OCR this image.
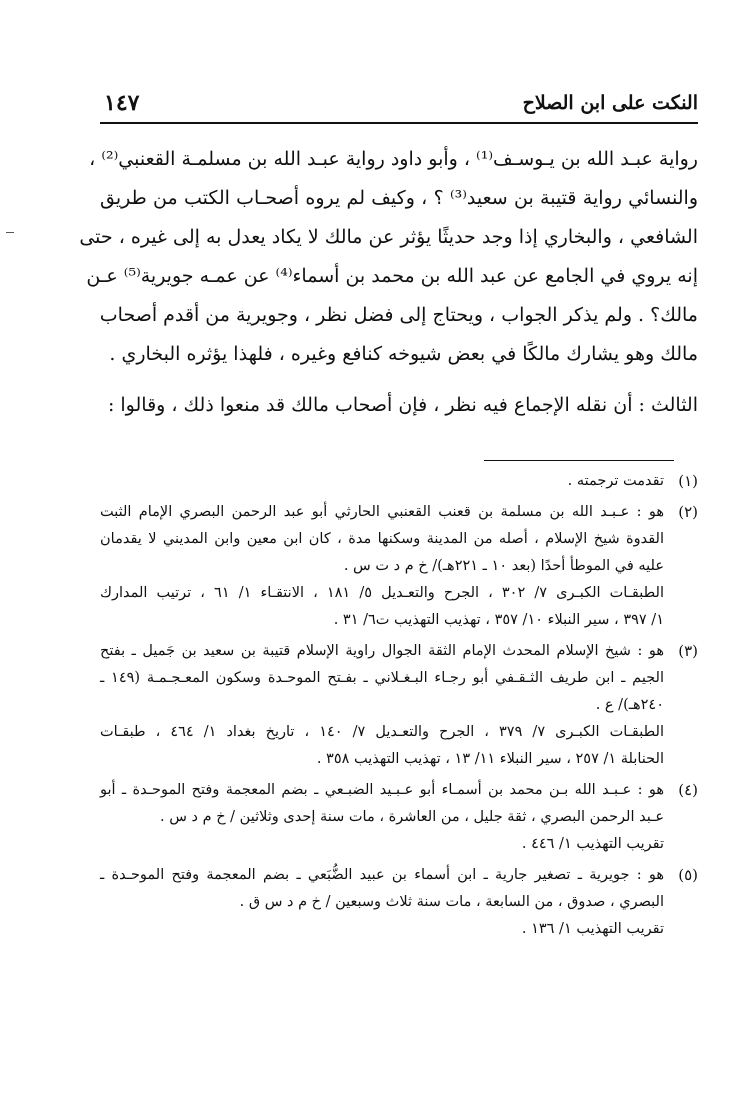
النكت على ابن الصلاح
١٤٧
رواية عبـد الله بن يـوسـف⁽¹⁾ ، وأبو داود رواية عبـد الله بن مسلمـة القعنبي⁽²⁾ ،
والنسائي رواية قتيبة بن سعيد⁽³⁾ ؟ ، وكيف لم يروه أصحـاب الكتب من طريق
الشافعي ، والبخاري إذا وجد حديثًا يؤثر عن مالك لا يكاد يعدل به إلى غيره ، حتى
إنه يروي في الجامع عن عبد الله بن محمد بن أسماء⁽⁴⁾ عن عمـه جويرية⁽⁵⁾ عـن
مالك؟ . ولم يذكر الجواب ، ويحتاج إلى فضل نظر ، وجويرية من أقدم أصحاب
مالك وهو يشارك مالكًا في بعض شيوخه كنافع وغيره ، فلهذا يؤثره البخاري .
الثالث : أن نقله الإجماع فيه نظر ، فإن أصحاب مالك قد منعوا ذلك ، وقالوا :
(١)
تقدمت ترجمته .
(٢)
هو : عـبـد الله بن مسلمة بن قعنب القعنبي الحارثي أبو عبد الرحمن البصري الإمام الثبت
القدوة شيخ الإسلام ، أصله من المدينة وسكنها مدة ، كان ابن معين وابن المديني لا يقدمان
عليه في الموطأ أحدًا (بعد ١٠ ـ ٢٢١هـ)/ خ م د ت س .
الطبقـات الكبـرى ٧/ ٣٠٢ ، الجرح والتعـديل ٥/ ١٨١ ، الانتقـاء ١/ ٦١ ، ترتيب المدارك
١/ ٣٩٧ ، سير النبلاء ١٠/ ٣٥٧ ، تهذيب التهذيب ت٦/ ٣١ .
(٣)
هو : شيخ الإسلام المحدث الإمام الثقة الجوال راوية الإسلام قتيبة بن سعيد بن جَميل ـ بفتح
الجيم ـ ابن طريف الثـقـفي أبو رجـاء البـغـلاني ـ بفـتح الموحـدة وسكون المعـجـمـة (١٤٩ ـ
٢٤٠هـ)/ ع .
الطبقـات الكبـرى ٧/ ٣٧٩ ، الجرح والتعـديل ٧/ ١٤٠ ، تاريخ بغداد ١/ ٤٦٤ ، طبقـات
الحنابلة ١/ ٢٥٧ ، سير النبلاء ١١/ ١٣ ، تهذيب التهذيب ٣٥٨ .
(٤)
هو : عـبـد الله بـن محمد بن أسمـاء أبو عـبـيد الضبـعي ـ بضم المعجمة وفتح الموحـدة ـ أبو
عـبد الرحمن البصري ، ثقة جليل ، من العاشرة ، مات سنة إحدى وثلاثين / خ م د س .
تقريب التهذيب ١/ ٤٤٦ .
(٥)
هو : جويرية ـ تصغير جارية ـ ابن أسماء بن عبيد الضُّبَعي ـ بضم المعجمة وفتح الموحـدة ـ
البصري ، صدوق ، من السابعة ، مات سنة ثلاث وسبعين / خ م د س ق .
تقريب التهذيب ١/ ١٣٦ .
